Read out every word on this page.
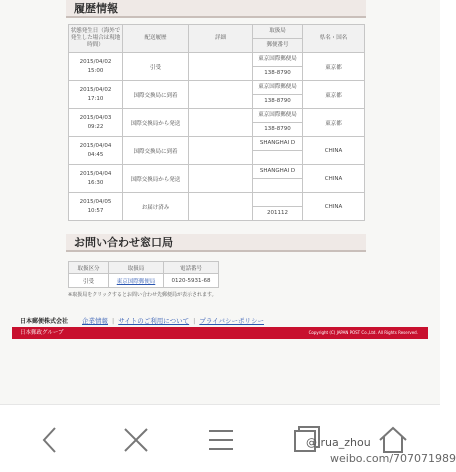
履歴情報
状態発生日（海外で発生した場合は現地時間）	配送履歴	詳細	取扱局	県名・国名
			郵便番号	
2015/04/02
15:00	引受		東京国際郵便局	東京都
			138-8790	
2015/04/02
17:10	国際交換局に到着		東京国際郵便局	東京都
			138-8790	
2015/04/03
09:22	国際交換局から発送		東京国際郵便局	東京都
			138-8790	
2015/04/04
04:45	国際交換局に到着		SHANGHAI D	CHINA

2015/04/04
16:30	国際交換局から発送		SHANGHAI D	CHINA

2015/04/05
10:57	お届け済み			CHINA
			201112	
お問い合わせ窓口局
取扱区分	取扱局	電話番号
引受	東京国際郵便局	0120-5931-68
※取扱局をクリックするとお問い合わせ先郵便局が表示されます。
日本郵便株式会社 企業情報 | サイトのご利用について | プライバシーポリシー
日本郵政グループ	Copyright (C) JAPAN POST Co.,Ltd. All Rights Reserved.
@ rua_zhou
weibo.com/707071989
